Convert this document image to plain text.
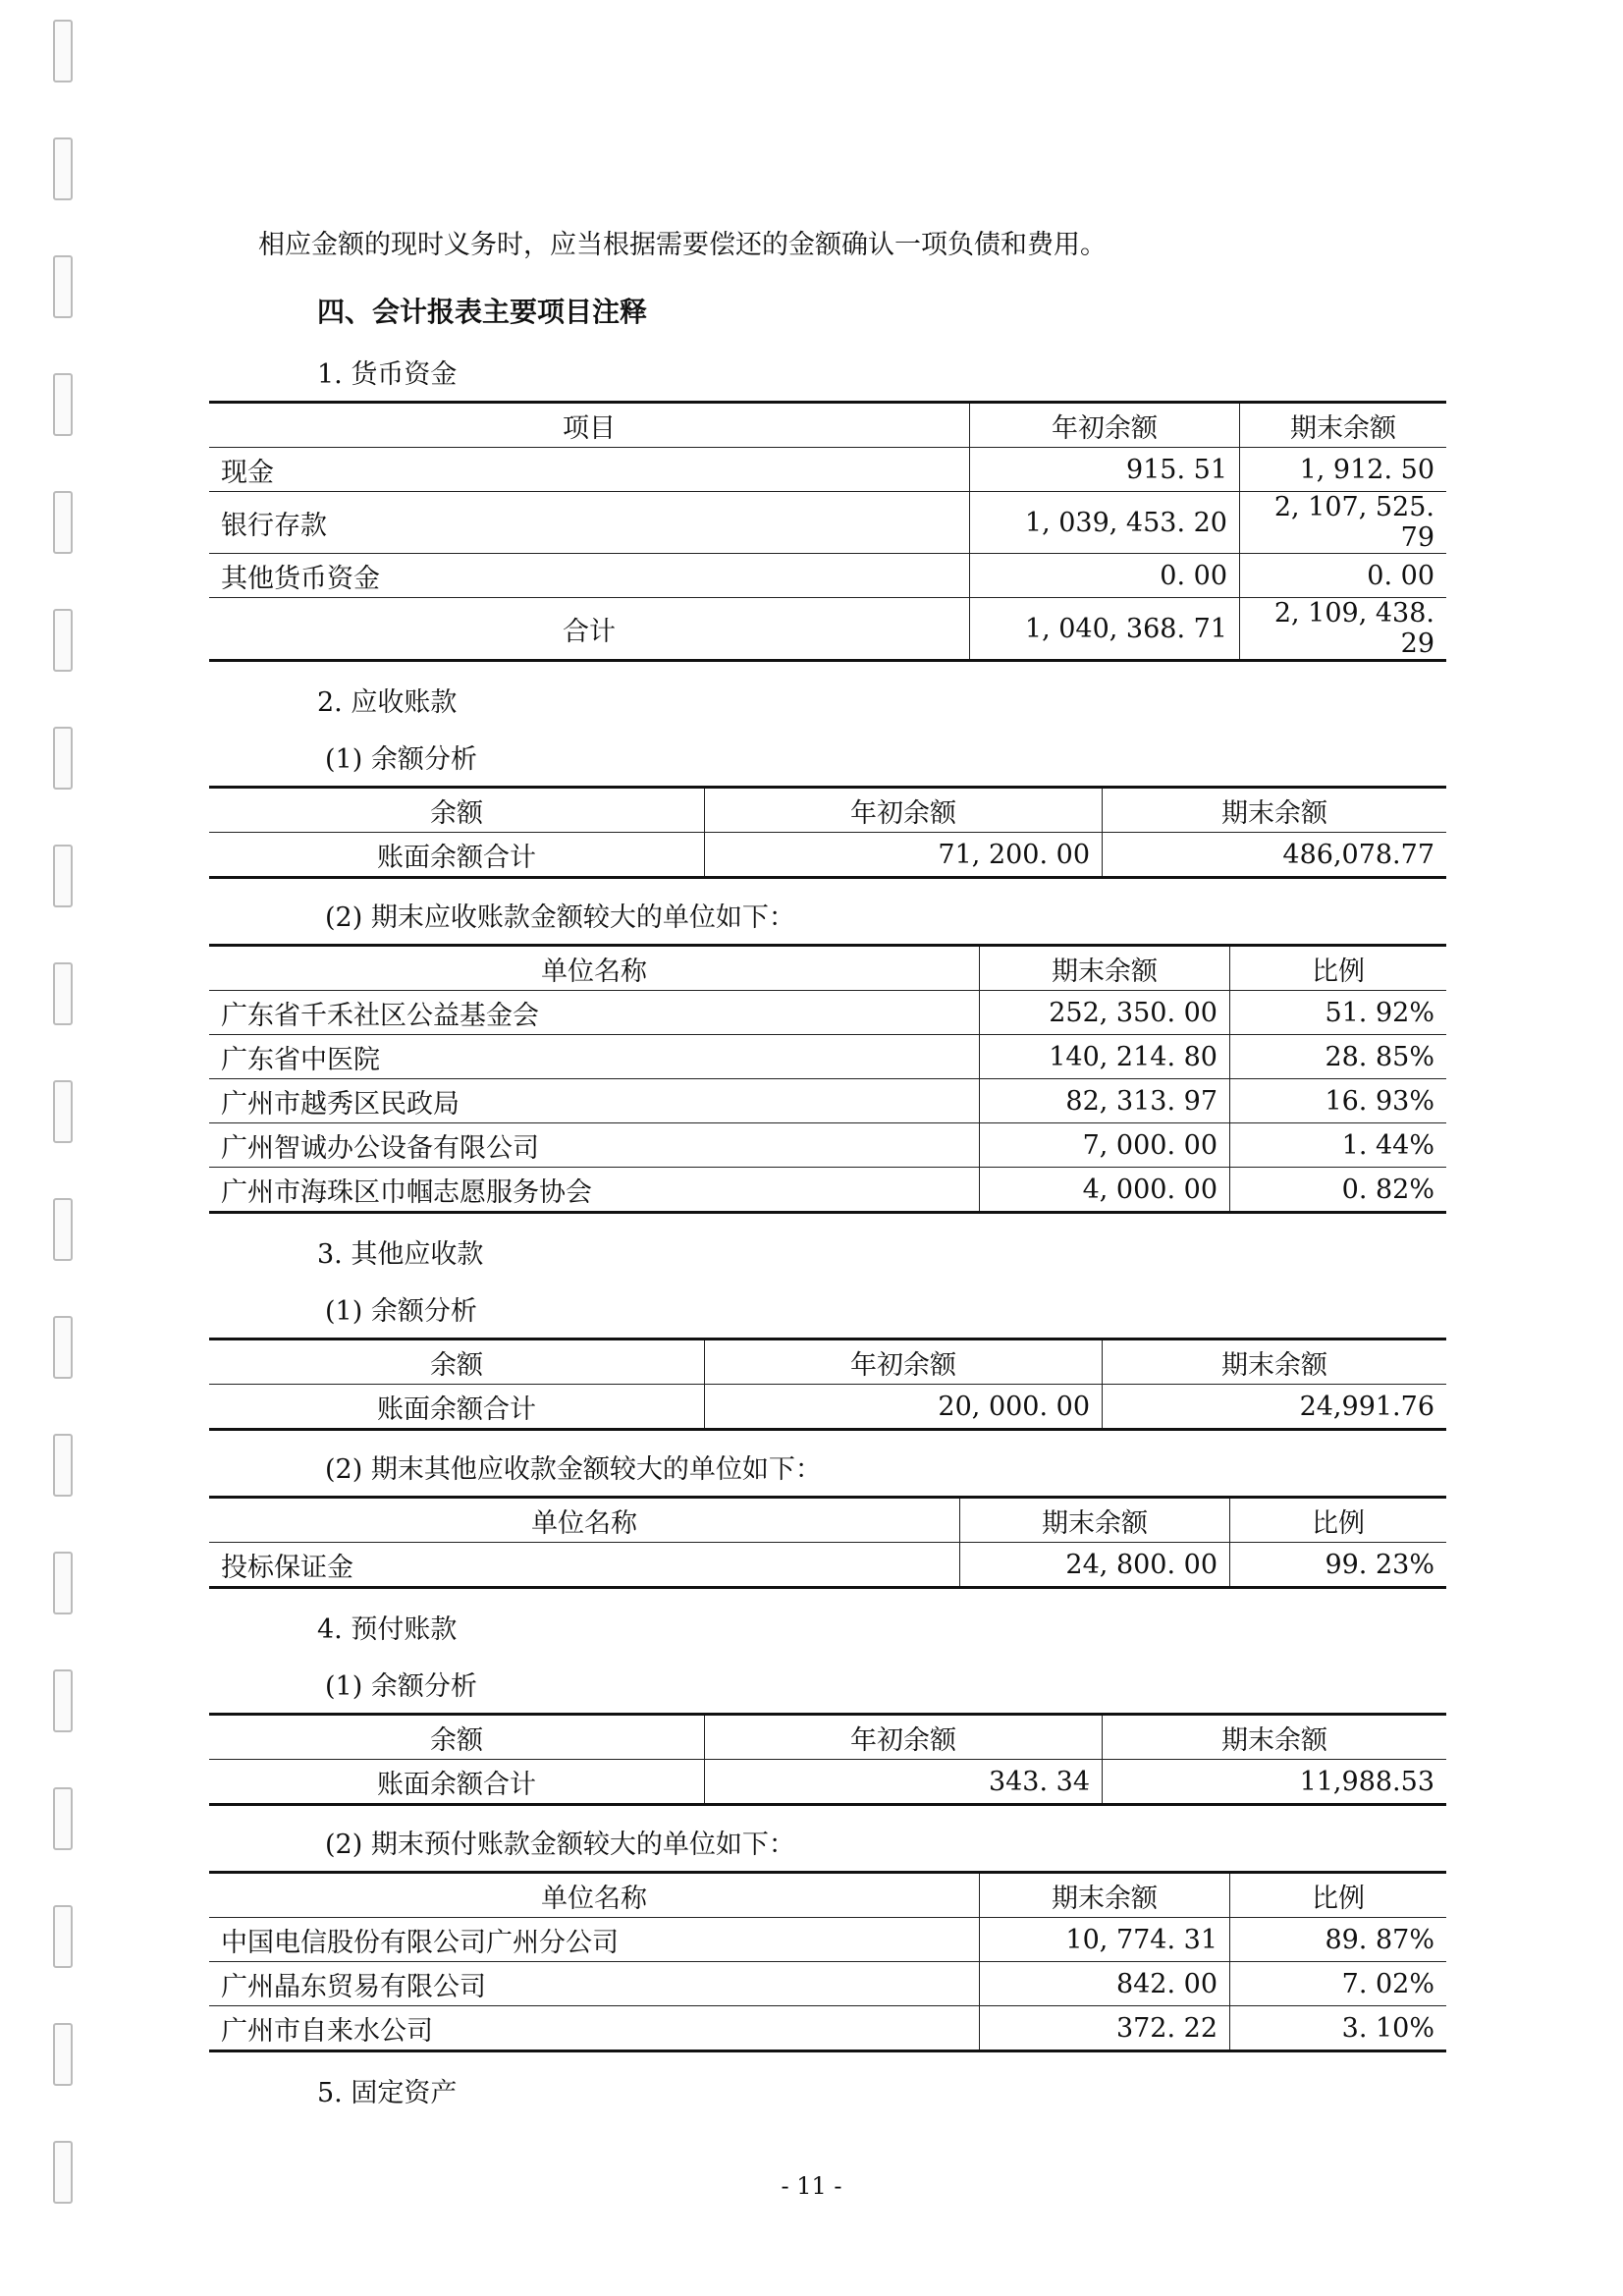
相应金额的现时义务时，应当根据需要偿还的金额确认一项负债和费用。

四、会计报表主要项目注释
1. 货币资金
项目	年初余额	期末余额
现金	915. 51	1, 912. 50
银行存款	1, 039, 453. 20	2, 107, 525. 79
其他货币资金	0. 00	0. 00
合计	1, 040, 368. 71	2, 109, 438. 29
2. 应收账款
(1) 余额分析
余额	年初余额	期末余额
账面余额合计	71, 200. 00	486,078.77
(2) 期末应收账款金额较大的单位如下：
单位名称	期末余额	比例
广东省千禾社区公益基金会	252, 350. 00	51. 92%
广东省中医院	140, 214. 80	28. 85%
广州市越秀区民政局	82, 313. 97	16. 93%
广州智诚办公设备有限公司	7, 000. 00	1. 44%
广州市海珠区巾帼志愿服务协会	4, 000. 00	0. 82%
3. 其他应收款
(1) 余额分析
余额	年初余额	期末余额
账面余额合计	20, 000. 00	24,991.76
(2) 期末其他应收款金额较大的单位如下：
单位名称	期末余额	比例
投标保证金	24, 800. 00	99. 23%
4. 预付账款
(1) 余额分析
余额	年初余额	期末余额
账面余额合计	343. 34	11,988.53
(2) 期末预付账款金额较大的单位如下：
单位名称	期末余额	比例
中国电信股份有限公司广州分公司	10, 774. 31	89. 87%
广州晶东贸易有限公司	842. 00	7. 02%
广州市自来水公司	372. 22	3. 10%
5. 固定资产
- 11 -
